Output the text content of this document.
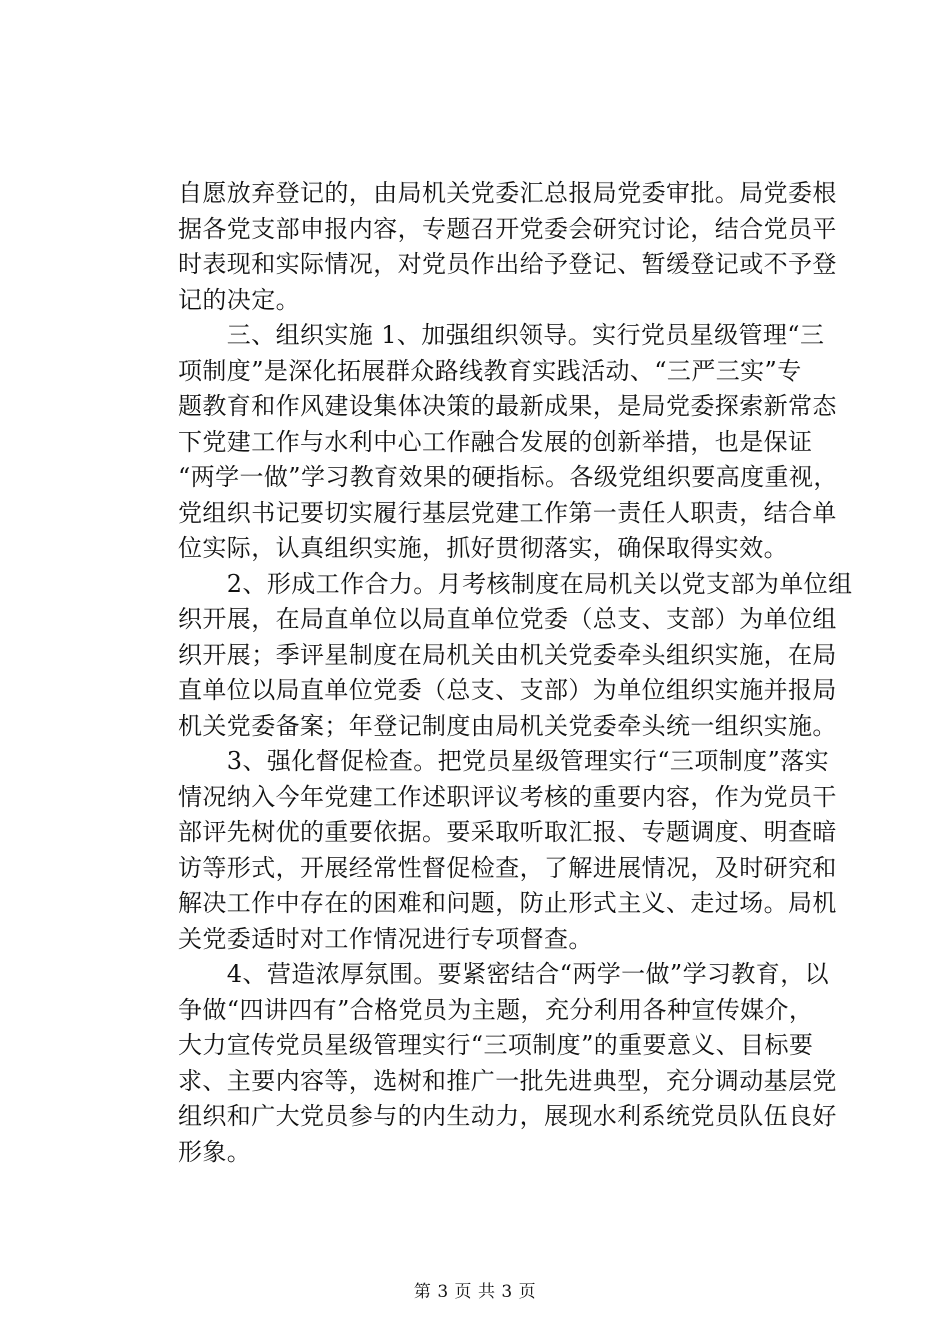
自愿放弃登记的，由局机关党委汇总报局党委审批。局党委根
据各党支部申报内容，专题召开党委会研究讨论，结合党员平
时表现和实际情况，对党员作出给予登记、暂缓登记或不予登
记的决定。
　　三、组织实施 1、加强组织领导。实行党员星级管理“三
项制度”是深化拓展群众路线教育实践活动、“三严三实”专
题教育和作风建设集体决策的最新成果，是局党委探索新常态
下党建工作与水利中心工作融合发展的创新举措，也是保证
“两学一做”学习教育效果的硬指标。各级党组织要高度重视，
党组织书记要切实履行基层党建工作第一责任人职责，结合单
位实际，认真组织实施，抓好贯彻落实，确保取得实效。
　　2、形成工作合力。月考核制度在局机关以党支部为单位组
织开展，在局直单位以局直单位党委（总支、支部）为单位组
织开展；季评星制度在局机关由机关党委牵头组织实施，在局
直单位以局直单位党委（总支、支部）为单位组织实施并报局
机关党委备案；年登记制度由局机关党委牵头统一组织实施。
　　3、强化督促检查。把党员星级管理实行“三项制度”落实
情况纳入今年党建工作述职评议考核的重要内容，作为党员干
部评先树优的重要依据。要采取听取汇报、专题调度、明查暗
访等形式，开展经常性督促检查，了解进展情况，及时研究和
解决工作中存在的困难和问题，防止形式主义、走过场。局机
关党委适时对工作情况进行专项督查。
　　4、营造浓厚氛围。要紧密结合“两学一做”学习教育，以
争做“四讲四有”合格党员为主题，充分利用各种宣传媒介，
大力宣传党员星级管理实行“三项制度”的重要意义、目标要
求、主要内容等，选树和推广一批先进典型，充分调动基层党
组织和广大党员参与的内生动力，展现水利系统党员队伍良好
形象。
第 3 页 共 3 页
